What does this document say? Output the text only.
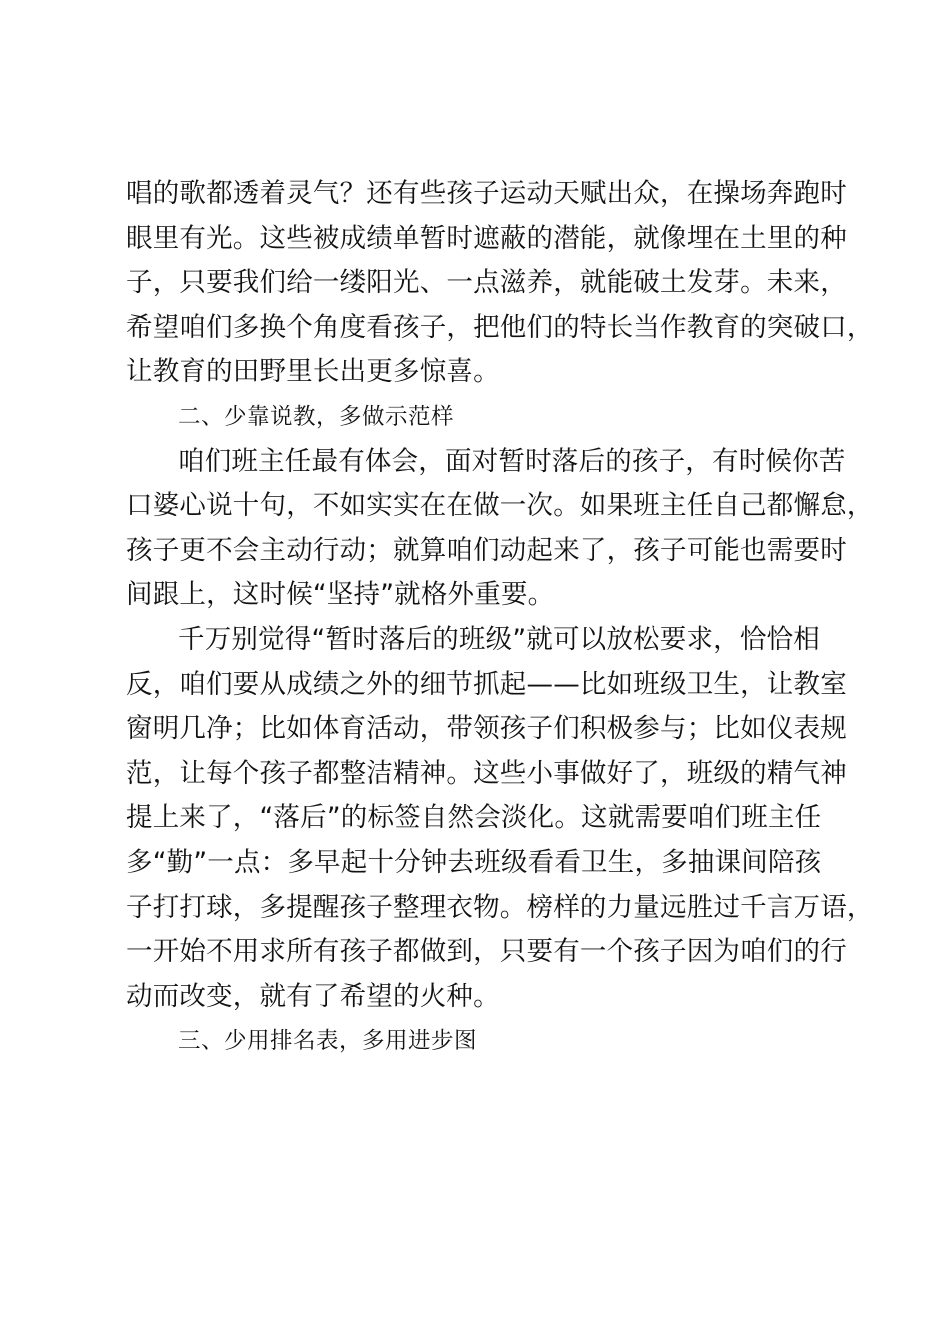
唱的歌都透着灵气？还有些孩子运动天赋出众，在操场奔跑时
眼里有光。这些被成绩单暂时遮蔽的潜能，就像埋在土里的种
子，只要我们给一缕阳光、一点滋养，就能破土发芽。未来，
希望咱们多换个角度看孩子，把他们的特长当作教育的突破口，
让教育的田野里长出更多惊喜。
二、少靠说教，多做示范样
咱们班主任最有体会，面对暂时落后的孩子，有时候你苦
口婆心说十句，不如实实在在做一次。如果班主任自己都懈怠，
孩子更不会主动行动；就算咱们动起来了，孩子可能也需要时
间跟上，这时候“坚持”就格外重要。
千万别觉得“暂时落后的班级”就可以放松要求，恰恰相
反，咱们要从成绩之外的细节抓起——比如班级卫生，让教室
窗明几净；比如体育活动，带领孩子们积极参与；比如仪表规
范，让每个孩子都整洁精神。这些小事做好了，班级的精气神
提上来了，“落后”的标签自然会淡化。这就需要咱们班主任
多“勤”一点：多早起十分钟去班级看看卫生，多抽课间陪孩
子打打球，多提醒孩子整理衣物。榜样的力量远胜过千言万语，
一开始不用求所有孩子都做到，只要有一个孩子因为咱们的行
动而改变，就有了希望的火种。
三、少用排名表，多用进步图
